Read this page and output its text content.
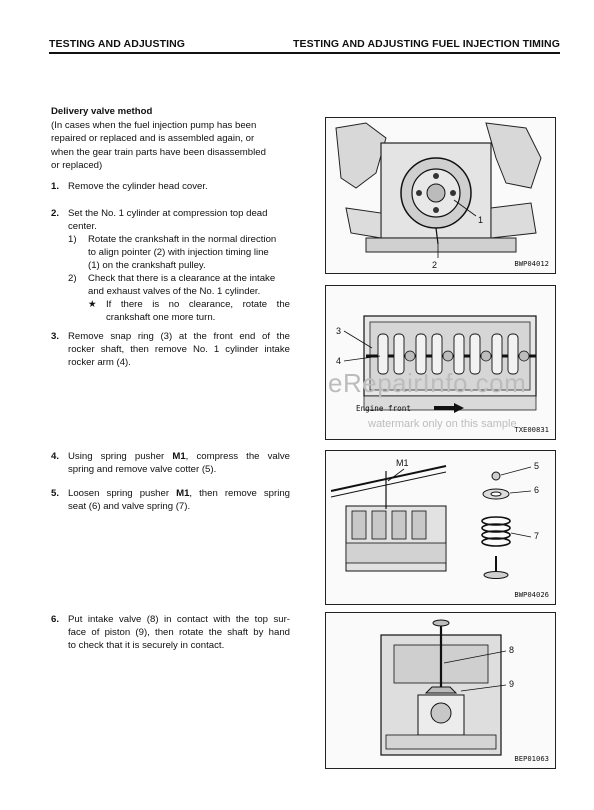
TESTING AND ADJUSTING	TESTING AND ADJUSTING FUEL INJECTION TIMING
Delivery valve method
(In cases when the fuel injection pump has been
repaired or replaced and is assembled again, or
when the gear train parts have been disassembled
or replaced)
1. Remove the cylinder head cover.
2. Set the No. 1 cylinder at compression top dead
center.
1) Rotate the crankshaft in the normal direction
to align pointer (2) with injection timing line
(1) on the crankshaft pulley.
2) Check that there is a clearance at the intake
and exhaust valves of the No. 1 cylinder.
★ If there is no clearance, rotate the
crankshaft one more turn.
3. Remove snap ring (3) at the front end of the
rocker shaft, then remove No. 1 cylinder intake
rocker arm (4).
4. Using spring pusher M1, compress the valve
spring and remove valve cotter (5).
5. Loosen spring pusher M1, then remove spring
seat (6) and valve spring (7).
6. Put intake valve (8) in contact with the top sur-
face of piston (9), then rotate the shaft by hand
to check that it is securely in contact.
2
1
BWP04012
3
4
Engine front
TXE00831
M1	5
6
7
BWP04026
8
9
BEP01063
eRepairInfo.com
watermark only on this sample
